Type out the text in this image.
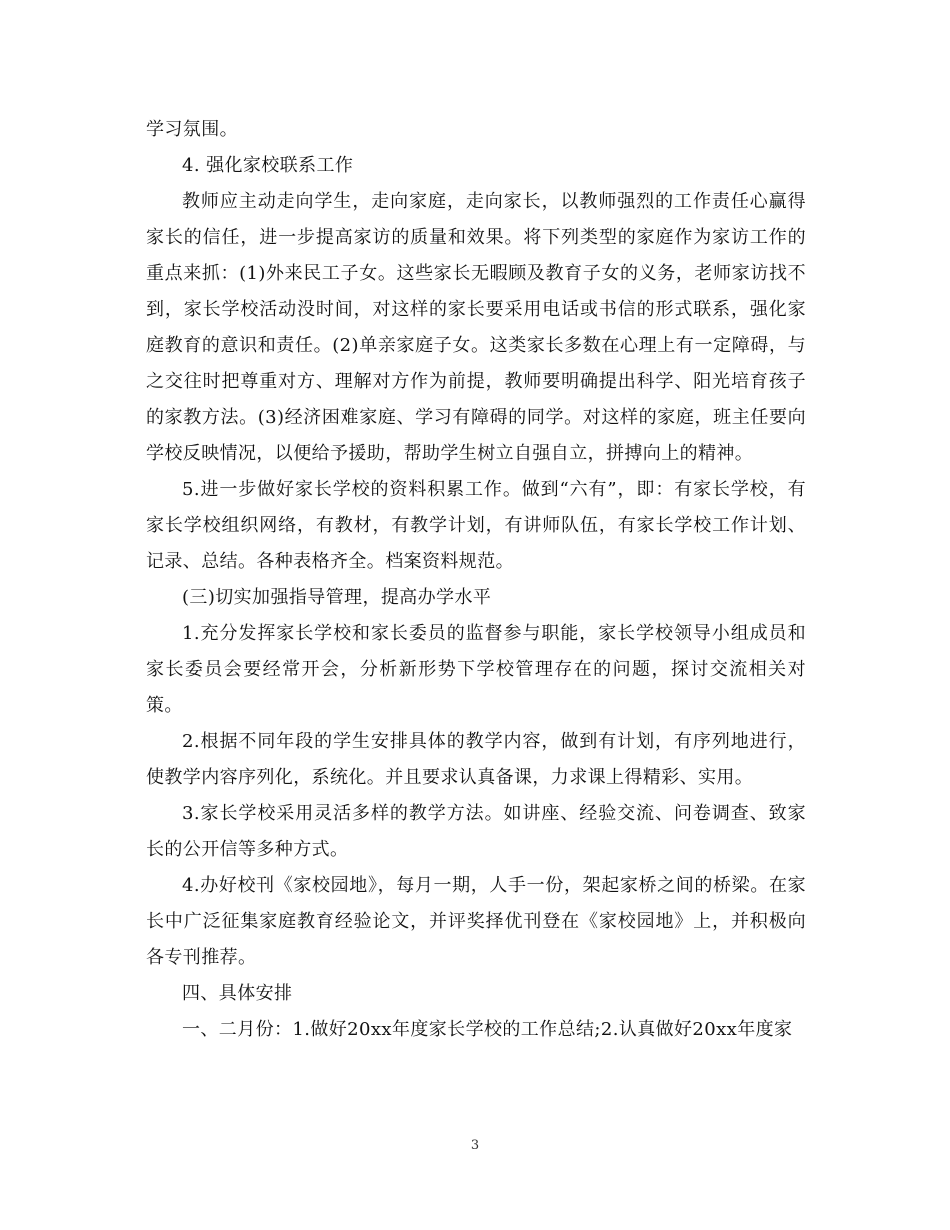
学习氛围。

4. 强化家校联系工作

教师应主动走向学生，走向家庭，走向家长，以教师强烈的工作责任心赢得家长的信任，进一步提高家访的质量和效果。将下列类型的家庭作为家访工作的重点来抓：(1)外来民工子女。这些家长无暇顾及教育子女的义务，老师家访找不到，家长学校活动没时间，对这样的家长要采用电话或书信的形式联系，强化家庭教育的意识和责任。(2)单亲家庭子女。这类家长多数在心理上有一定障碍，与之交往时把尊重对方、理解对方作为前提，教师要明确提出科学、阳光培育孩子的家教方法。(3)经济困难家庭、学习有障碍的同学。对这样的家庭，班主任要向学校反映情况，以便给予援助，帮助学生树立自强自立，拼搏向上的精神。

5.进一步做好家长学校的资料积累工作。做到“六有”，即：有家长学校，有家长学校组织网络，有教材，有教学计划，有讲师队伍，有家长学校工作计划、记录、总结。各种表格齐全。档案资料规范。

(三)切实加强指导管理，提高办学水平

1.充分发挥家长学校和家长委员的监督参与职能，家长学校领导小组成员和家长委员会要经常开会，分析新形势下学校管理存在的问题，探讨交流相关对策。

2.根据不同年段的学生安排具体的教学内容，做到有计划，有序列地进行，使教学内容序列化，系统化。并且要求认真备课，力求课上得精彩、实用。

3.家长学校采用灵活多样的教学方法。如讲座、经验交流、问卷调查、致家长的公开信等多种方式。

4.办好校刊《家校园地》，每月一期，人手一份，架起家桥之间的桥梁。在家长中广泛征集家庭教育经验论文，并评奖择优刊登在《家校园地》上，并积极向各专刊推荐。

四、具体安排

一、二月份：1.做好20xx年度家长学校的工作总结;2.认真做好20xx年度家

3
